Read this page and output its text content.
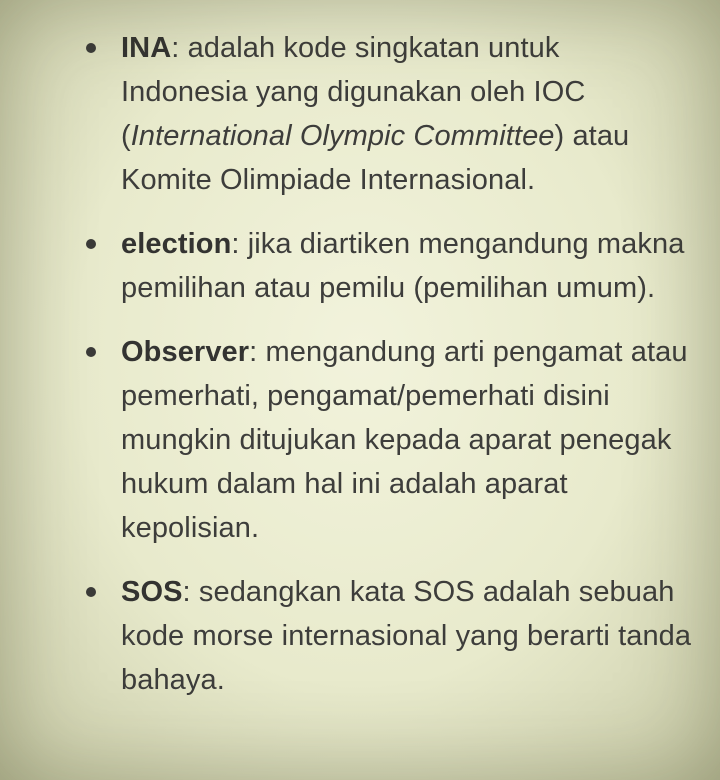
INA: adalah kode singkatan untuk Indonesia yang digunakan oleh IOC (International Olympic Committee) atau Komite Olimpiade Internasional.
election: jika diartiken mengandung makna pemilihan atau pemilu (pemilihan umum).
Observer: mengandung arti pengamat atau pemerhati, pengamat/pemerhati disini mungkin ditujukan kepada aparat penegak hukum dalam hal ini adalah aparat kepolisian.
SOS: sedangkan kata SOS adalah sebuah kode morse internasional yang berarti tanda bahaya.
